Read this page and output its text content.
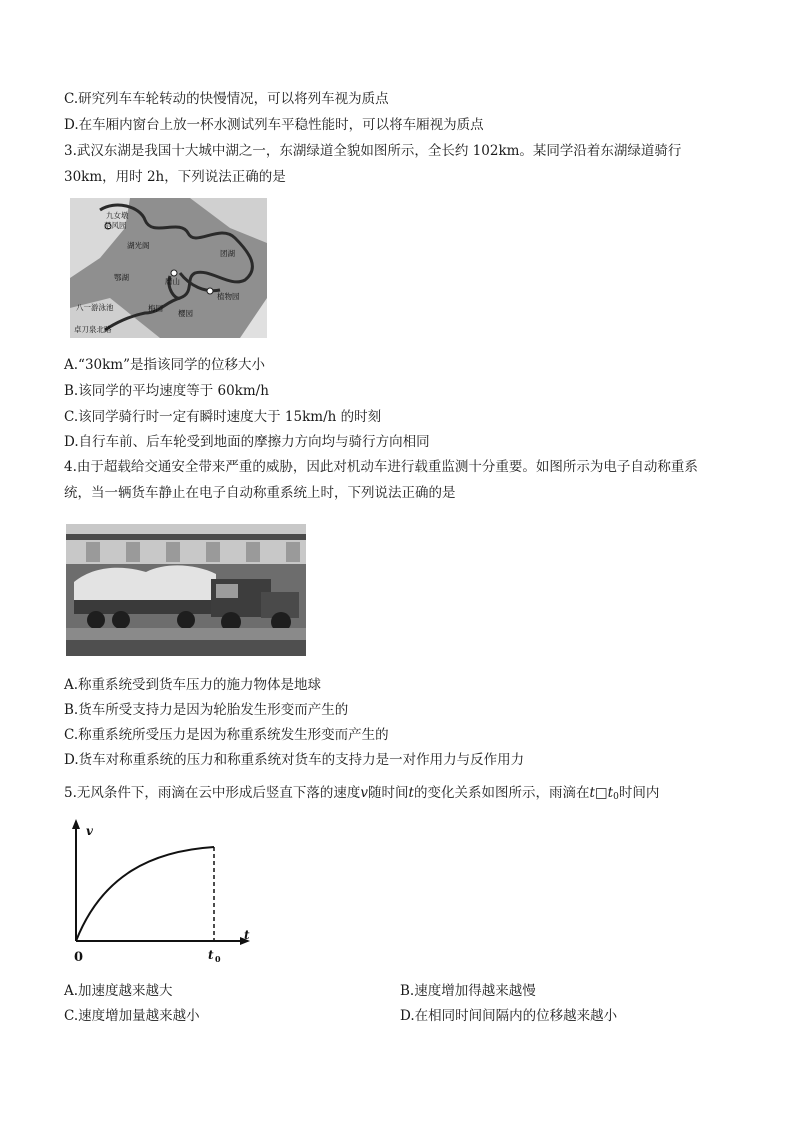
C.研究列车车轮转动的快慢情况，可以将列车视为质点
D.在车厢内窗台上放一杯水测试列车平稳性能时，可以将车厢视为质点
3.武汉东湖是我国十大城中湖之一，东湖绿道全貌如图所示，全长约 102km。某同学沿着东湖绿道骑行
30km，用时 2h，下列说法正确的是
九女墩
楚风园
湖光阁
团湖
鄂湖	磨山
植物园
八一游泳池	梅园
樱园
卓刀泉北路
A.“30km”是指该同学的位移大小
B.该同学的平均速度等于 60km/h
C.该同学骑行时一定有瞬时速度大于 15km/h 的时刻
D.自行车前、后车轮受到地面的摩擦力方向均与骑行方向相同
4.由于超载给交通安全带来严重的威胁，因此对机动车进行载重监测十分重要。如图所示为电子自动称重系
统，当一辆货车静止在电子自动称重系统上时，下列说法正确的是
A.称重系统受到货车压力的施力物体是地球
B.货车所受支持力是因为轮胎发生形变而产生的
C.称重系统所受压力是因为称重系统发生形变而产生的
D.货车对称重系统的压力和称重系统对货车的支持力是一对作用力与反作用力
5.无风条件下，雨滴在云中形成后竖直下落的速度v随时间t的变化关系如图所示，雨滴在$t□t_0$时间内
v
t
0	t 0
A.加速度越来越大	B.速度增加得越来越慢
C.速度增加量越来越小	D.在相同时间间隔内的位移越来越小
